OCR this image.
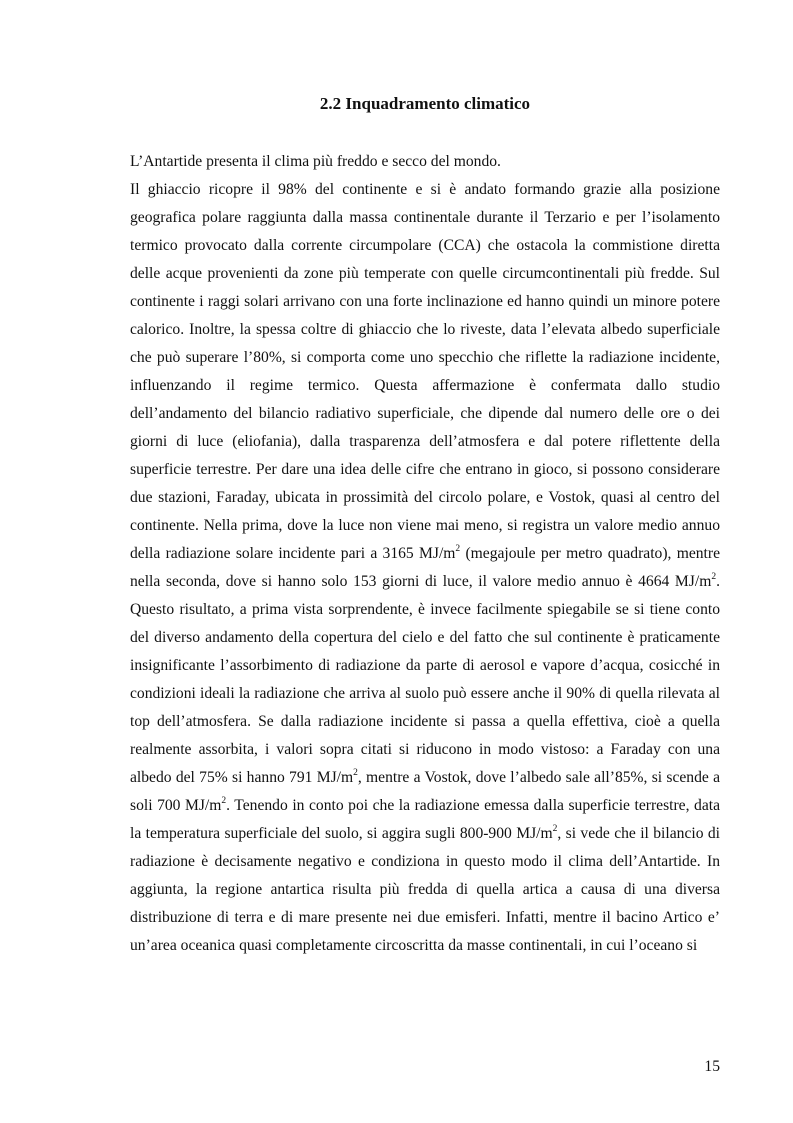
2.2 Inquadramento climatico

L’Antartide presenta il clima più freddo e secco del mondo.

Il ghiaccio ricopre il 98% del continente e si è andato formando grazie alla posizione geografica polare raggiunta dalla massa continentale durante il Terzario e per l’isolamento termico provocato dalla corrente circumpolare (CCA) che ostacola la commistione diretta delle acque provenienti da zone più temperate con quelle circumcontinentali più fredde. Sul continente i raggi solari arrivano con una forte inclinazione ed hanno quindi un minore potere calorico. Inoltre, la spessa coltre di ghiaccio che lo riveste, data l’elevata albedo superficiale che può superare l’80%, si comporta come uno specchio che riflette la radiazione incidente, influenzando il regime termico. Questa affermazione è confermata dallo studio dell’andamento del bilancio radiativo superficiale, che dipende dal numero delle ore o dei giorni di luce (eliofania), dalla trasparenza dell’atmosfera e dal potere riflettente della superficie terrestre. Per dare una idea delle cifre che entrano in gioco, si possono considerare due stazioni, Faraday, ubicata in prossimità del circolo polare, e Vostok, quasi al centro del continente. Nella prima, dove la luce non viene mai meno, si registra un valore medio annuo della radiazione solare incidente pari a 3165 $MJ/m^2$ (megajoule per metro quadrato), mentre nella seconda, dove si hanno solo 153 giorni di luce, il valore medio annuo è 4664 $MJ/m^2$. Questo risultato, a prima vista sorprendente, è invece facilmente spiegabile se si tiene conto del diverso andamento della copertura del cielo e del fatto che sul continente è praticamente insignificante l’assorbimento di radiazione da parte di aerosol e vapore d’acqua, cosicché in condizioni ideali la radiazione che arriva al suolo può essere anche il 90% di quella rilevata al top dell’atmosfera. Se dalla radiazione incidente si passa a quella effettiva, cioè a quella realmente assorbita, i valori sopra citati si riducono in modo vistoso: a Faraday con una albedo del 75% si hanno 791 $MJ/m^2$, mentre a Vostok, dove l’albedo sale all’85%, si scende a soli 700 $MJ/m^2$. Tenendo in conto poi che la radiazione emessa dalla superficie terrestre, data la temperatura superficiale del suolo, si aggira sugli 800-900 $MJ/m^2$, si vede che il bilancio di radiazione è decisamente negativo e condiziona in questo modo il clima dell’Antartide. In aggiunta, la regione antartica risulta più fredda di quella artica a causa di una diversa distribuzione di terra e di mare presente nei due emisferi. Infatti, mentre il bacino Artico e’ un’area oceanica quasi completamente circoscritta da masse continentali, in cui l’oceano si

15
